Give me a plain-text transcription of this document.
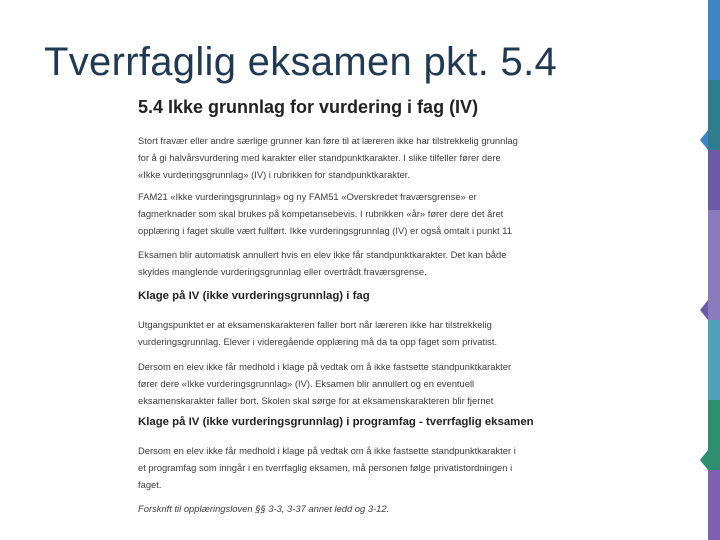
Tverrfaglig eksamen pkt. 5.4
5.4 Ikke grunnlag for vurdering i fag (IV)
Stort fravær eller andre særlige grunner kan føre til at læreren ikke har tilstrekkelig grunnlag
for å gi halvårsvurdering med karakter eller standpunktkarakter. I slike tilfeller fører dere
«Ikke vurderingsgrunnlag» (IV) i rubrikken for standpunktkarakter.
FAM21 «Ikke vurderingsgrunnlag» og ny FAM51 «Overskredet fraværsgrense» er
fagmerknader som skal brukes på kompetansebevis. I rubrikken «år» fører dere det året
opplæring i faget skulle vært fullført. Ikke vurderingsgrunnlag (IV) er også omtalt i punkt 11
Eksamen blir automatisk annullert hvis en elev ikke får standpunktkarakter. Det kan både
skyldes manglende vurderingsgrunnlag eller overtrådt fraværsgrense.
Klage på IV (ikke vurderingsgrunnlag) i fag
Utgangspunktet er at eksamenskarakteren faller bort når læreren ikke har tilstrekkelig
vurderingsgrunnlag. Elever i videregående opplæring må da ta opp faget som privatist.
Dersom en elev ikke får medhold i klage på vedtak om å ikke fastsette standpunktkarakter
fører dere «Ikke vurderingsgrunnlag» (IV). Eksamen blir annullert og en eventuell
eksamenskarakter faller bort. Skolen skal sørge for at eksamenskarakteren blir fjernet
Klage på IV (ikke vurderingsgrunnlag) i programfag - tverrfaglig eksamen
Dersom en elev ikke får medhold i klage på vedtak om å ikke fastsette standpunktkarakter i
et programfag som inngår i en tverrfaglig eksamen, må personen følge privatistordningen i
faget.
Forskrift til opplæringsloven §§ 3-3, 3-37 annet ledd og 3-12.
